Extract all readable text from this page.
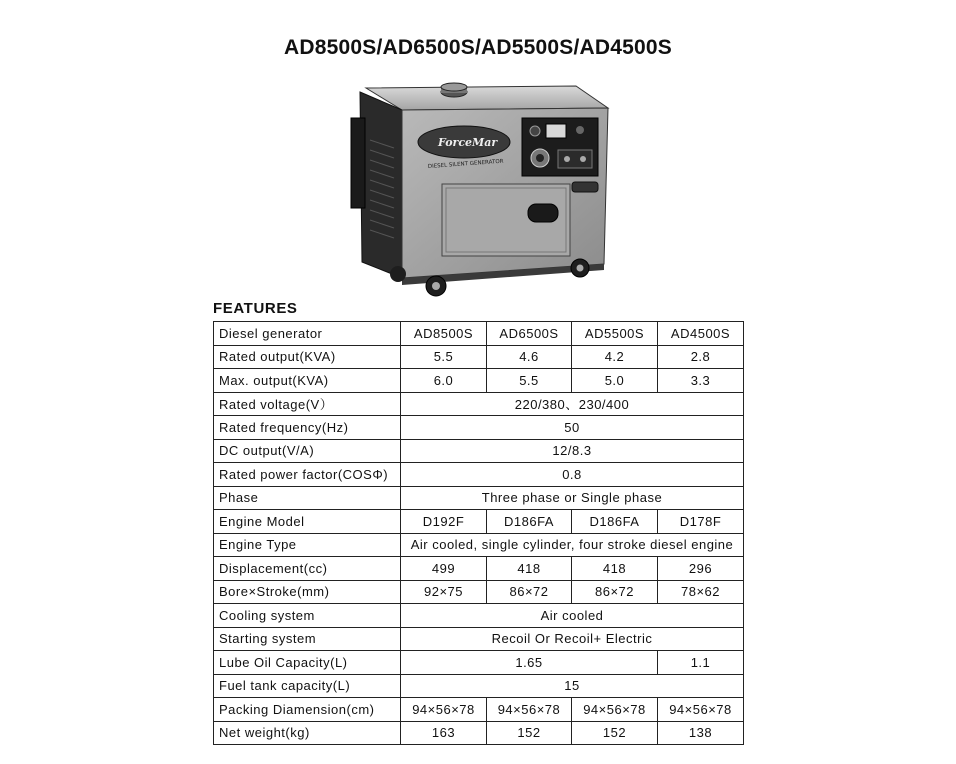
AD8500S/AD6500S/AD5500S/AD4500S
ForceMar
DIESEL SILENT GENERATOR
FEATURES
Diesel generator	AD8500S	AD6500S	AD5500S	AD4500S
Rated output(KVA)	5.5	4.6	4.2	2.8
Max. output(KVA)	6.0	5.5	5.0	3.3
Rated voltage(V）	220/380、230/400			
Rated frequency(Hz)	50			
DC output(V/A)	12/8.3			
Rated power factor(COSΦ)	0.8			
Phase	Three phase or Single phase			
Engine Model	D192F	D186FA	D186FA	D178F
Engine Type	Air cooled, single cylinder, four stroke diesel engine			
Displacement(cc)	499	418	418	296
Bore×Stroke(mm)	92×75	86×72	86×72	78×62
Cooling system	Air cooled			
Starting system	Recoil Or Recoil+ Electric			
Lube Oil Capacity(L)	1.65			1.1
Fuel tank capacity(L)	15			
Packing Diamension(cm)	94×56×78	94×56×78	94×56×78	94×56×78
Net weight(kg)	163	152	152	138
